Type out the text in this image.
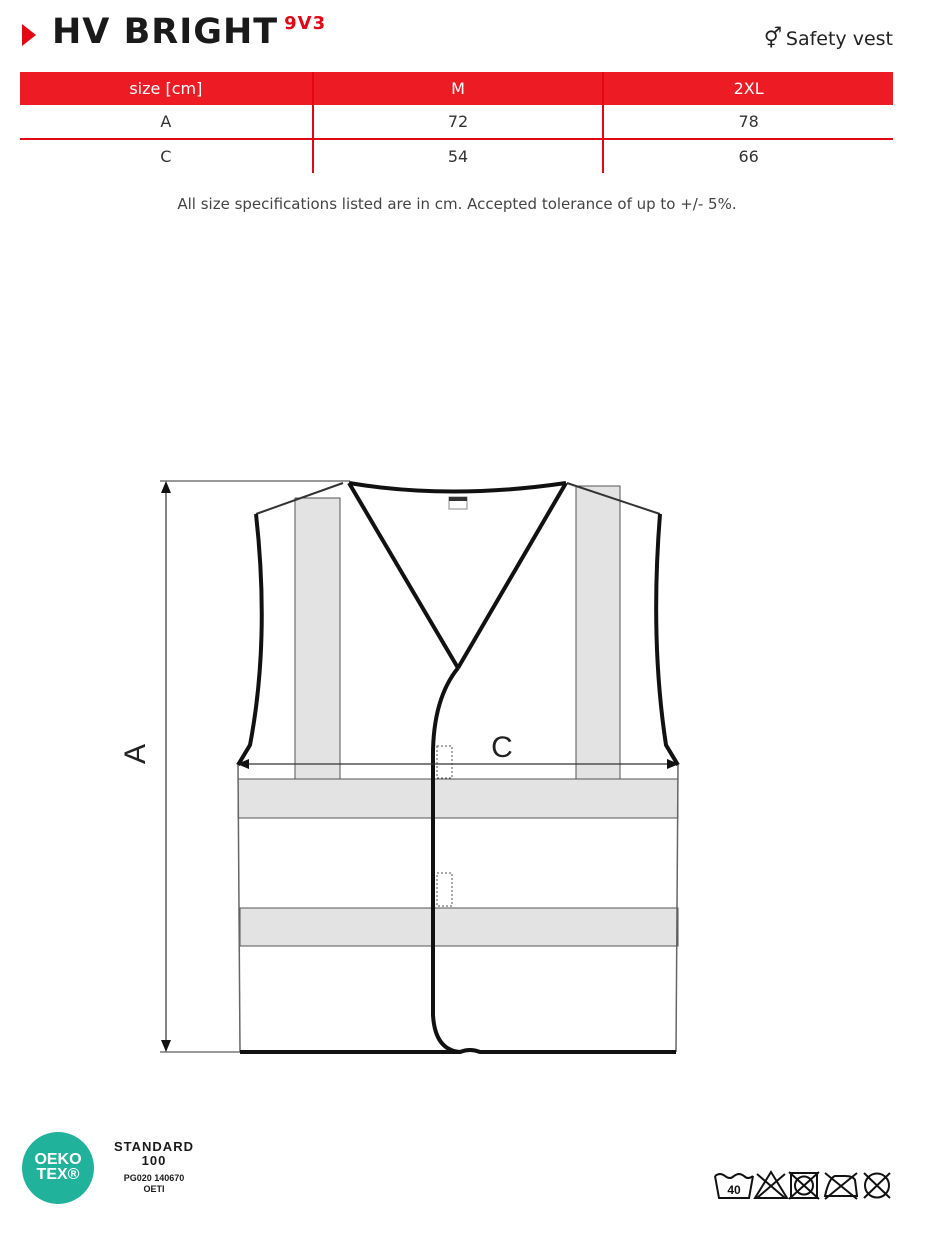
HV BRIGHT $^{9V3}$
⚥ Safety vest
size [cm]	M	2XL
A	72	78
C	54	66
All size specifications listed are in cm. Accepted tolerance of up to +/- 5%.
A	C
OEKO
TEX®
STANDARD
100
PG020 140670
OETI	40
